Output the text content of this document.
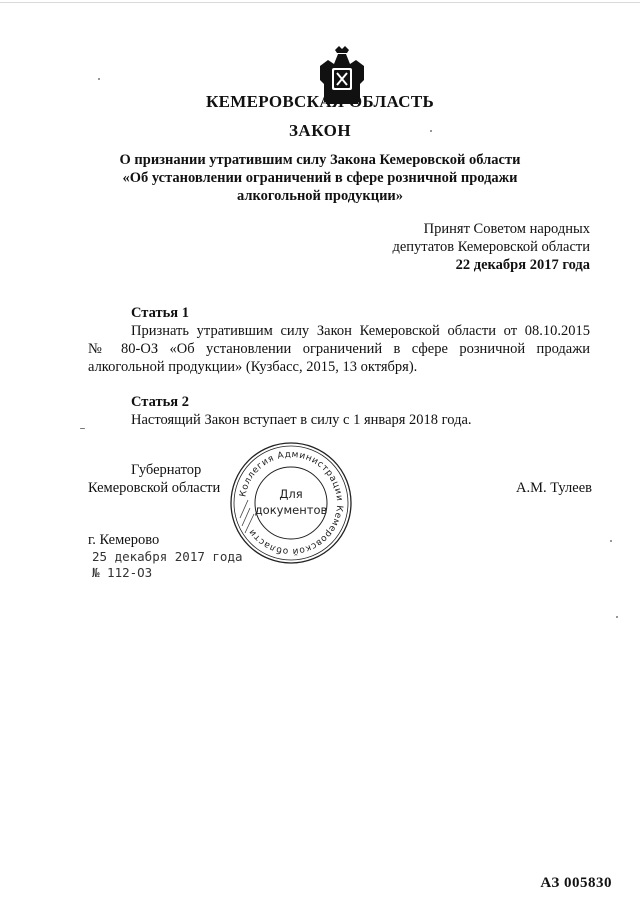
КЕМЕРОВСКАЯ ОБЛАСТЬ
ЗАКОН
О признании утратившим силу Закона Кемеровской области
«Об установлении ограничений в сфере розничной продажи
алкогольной продукции»
Принят Советом народных
депутатов Кемеровской области
22 декабря 2017 года
Статья 1
Признать утратившим силу Закон Кемеровской области от 08.10.2015
№ 80-ОЗ «Об установлении ограничений в сфере розничной продажи
алкогольной продукции» (Кузбасс, 2015, 13 октября).
Статья 2
Настоящий Закон вступает в силу с 1 января 2018 года.
Губернатор
Кемеровской области	А.М. Тулеев
г. Кемерово
25 декабря 2017 года
№ 112-ОЗ
Коллегия Администрации Кемеровской области
Для
документов
АЗ 005830
